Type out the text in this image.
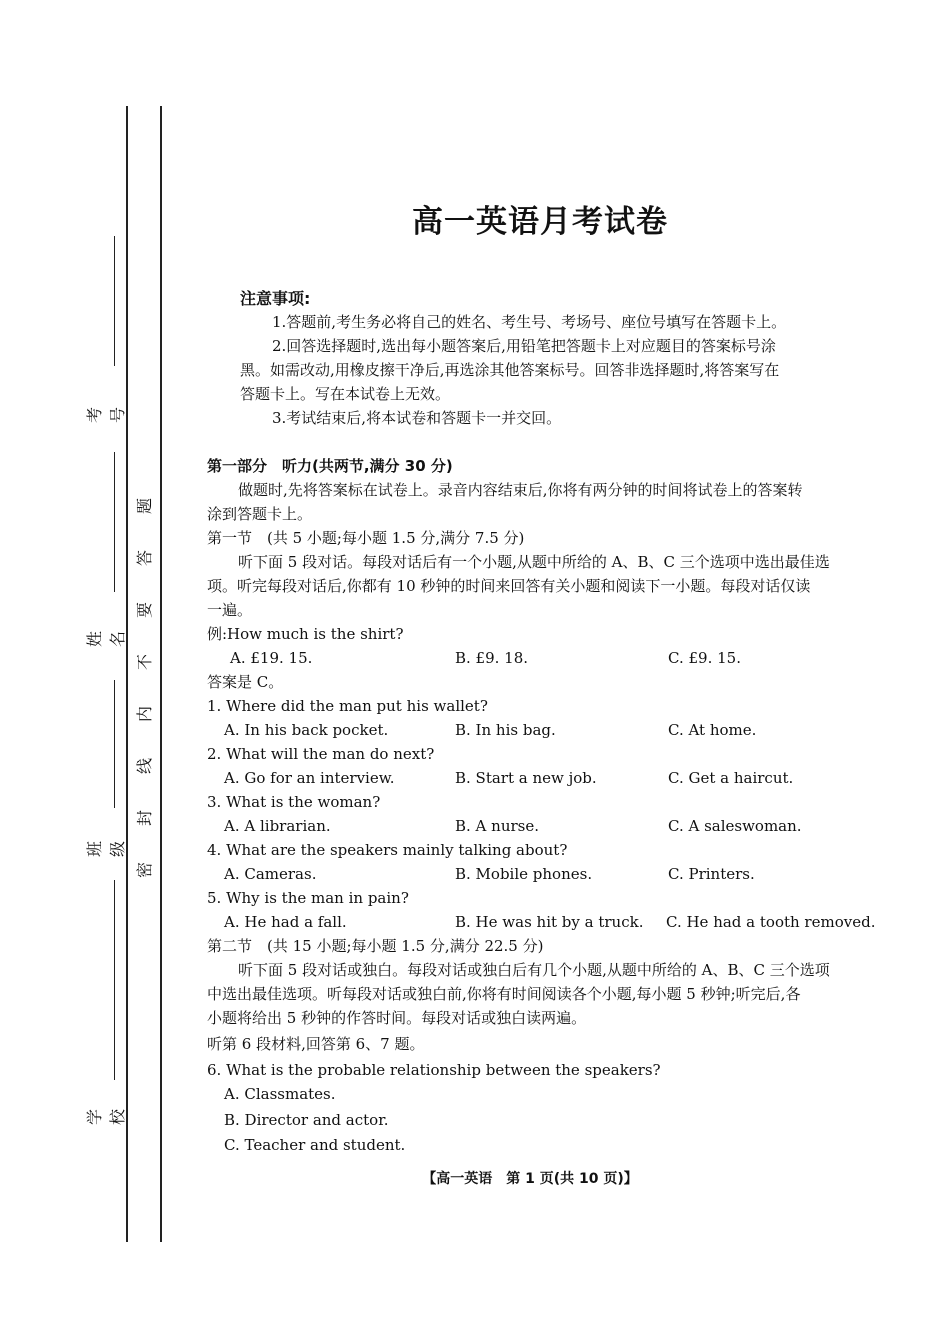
考号
姓名
班级
学校
题
答
要
不
内
线
封
密
高一英语月考试卷
注意事项:
1.答题前,考生务必将自己的姓名、考生号、考场号、座位号填写在答题卡上。
2.回答选择题时,选出每小题答案后,用铅笔把答题卡上对应题目的答案标号涂
黑。如需改动,用橡皮擦干净后,再选涂其他答案标号。回答非选择题时,将答案写在
答题卡上。写在本试卷上无效。
3.考试结束后,将本试卷和答题卡一并交回。
第一部分　听力(共两节,满分 30 分)
做题时,先将答案标在试卷上。录音内容结束后,你将有两分钟的时间将试卷上的答案转
涂到答题卡上。
第一节　(共 5 小题;每小题 1.5 分,满分 7.5 分)
听下面 5 段对话。每段对话后有一个小题,从题中所给的 A、B、C 三个选项中选出最佳选
项。听完每段对话后,你都有 10 秒钟的时间来回答有关小题和阅读下一小题。每段对话仅读
一遍。
例:How much is the shirt?
A. £19. 15.	B. £9. 18.	C. £9. 15.
答案是 C。
1. Where did the man put his wallet?
A. In his back pocket.	B. In his bag.	C. At home.
2. What will the man do next?
A. Go for an interview.	B. Start a new job.	C. Get a haircut.
3. What is the woman?
A. A librarian.	B. A nurse.	C. A saleswoman.
4. What are the speakers mainly talking about?
A. Cameras.	B. Mobile phones.	C. Printers.
5. Why is the man in pain?
A. He had a fall.	B. He was hit by a truck. C. He had a tooth removed.
第二节　(共 15 小题;每小题 1.5 分,满分 22.5 分)
听下面 5 段对话或独白。每段对话或独白后有几个小题,从题中所给的 A、B、C 三个选项
中选出最佳选项。听每段对话或独白前,你将有时间阅读各个小题,每小题 5 秒钟;听完后,各
小题将给出 5 秒钟的作答时间。每段对话或独白读两遍。
听第 6 段材料,回答第 6、7 题。
6. What is the probable relationship between the speakers?
A. Classmates.
B. Director and actor.
C. Teacher and student.
【高一英语　第 1 页(共 10 页)】
